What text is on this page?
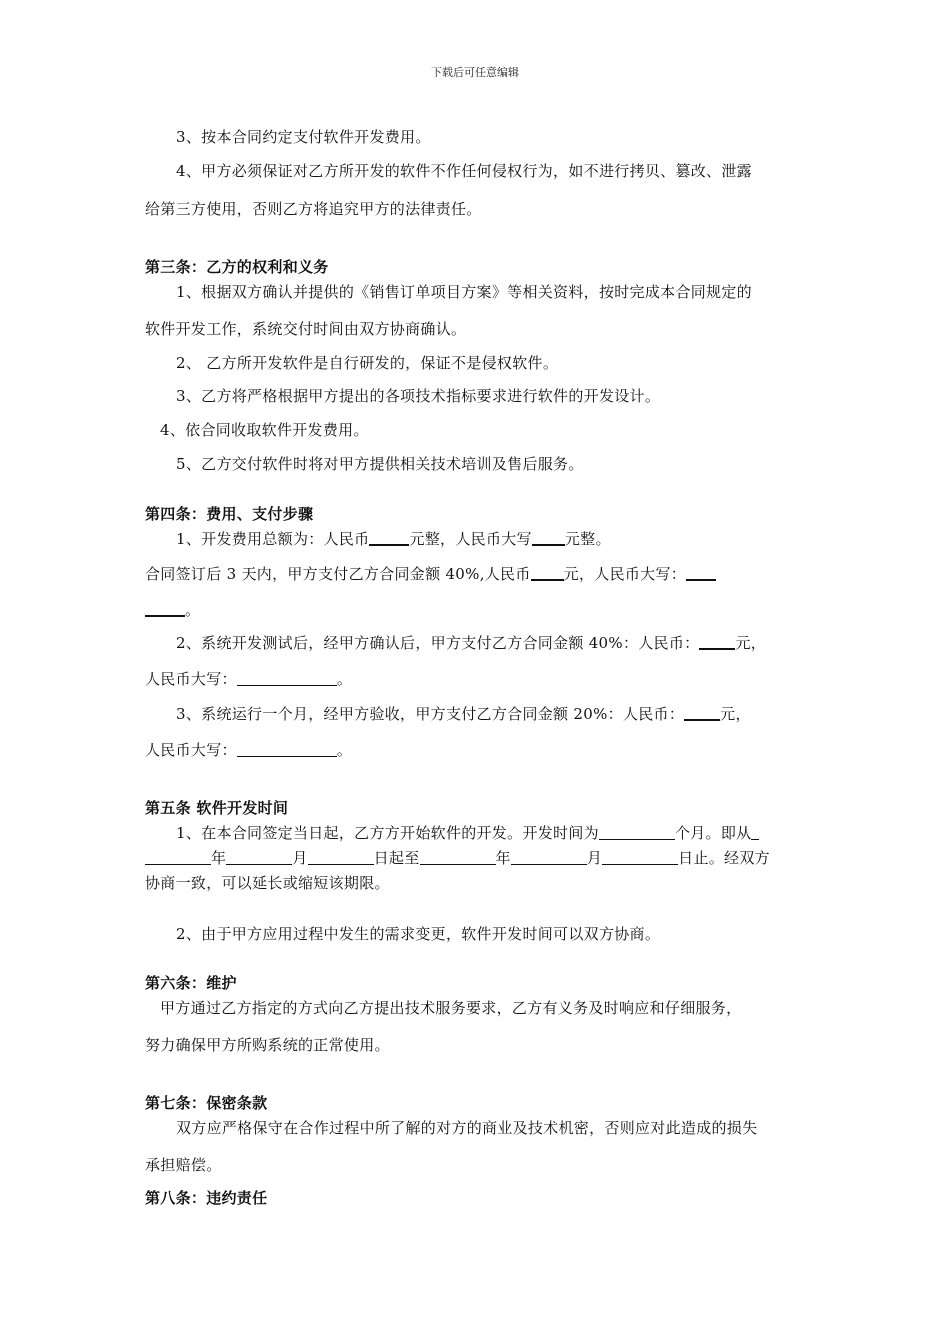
下载后可任意编辑
3、按本合同约定支付软件开发费用。
4、甲方必须保证对乙方所开发的软件不作任何侵权行为，如不进行拷贝、篡改、泄露
给第三方使用，否则乙方将追究甲方的法律责任。
第三条：乙方的权利和义务
1、根据双方确认并提供的《销售订单项目方案》等相关资料，按时完成本合同规定的
软件开发工作，系统交付时间由双方协商确认。
2、 乙方所开发软件是自行研发的，保证不是侵权软件。
3、乙方将严格根据甲方提出的各项技术指标要求进行软件的开发设计。
4、依合同收取软件开发费用。
5、乙方交付软件时将对甲方提供相关技术培训及售后服务。
第四条：费用、支付步骤
1、开发费用总额为：人民币	元整，人民币大写 元整。
合同签订后 3 天内，甲方支付乙方合同金额 40%,人民币 元，人民币大写：
。
2、系统开发测试后，经甲方确认后，甲方支付乙方合同金额 40%：人民币： 元，
人民币大写：	。
3、系统运行一个月，经甲方验收，甲方支付乙方合同金额 20%：人民币： 元，
人民币大写：	。
第五条 软件开发时间
1、在本合同签定当日起，乙方方开始软件的开发。开发时间为	个月。即从
年	月	日起至	年	月	日止。经双方
协商一致，可以延长或缩短该期限。
2、由于甲方应用过程中发生的需求变更，软件开发时间可以双方协商。
第六条：维护
甲方通过乙方指定的方式向乙方提出技术服务要求，乙方有义务及时响应和仔细服务，
努力确保甲方所购系统的正常使用。
第七条：保密条款
双方应严格保守在合作过程中所了解的对方的商业及技术机密，否则应对此造成的损失
承担赔偿。
第八条：违约责任
